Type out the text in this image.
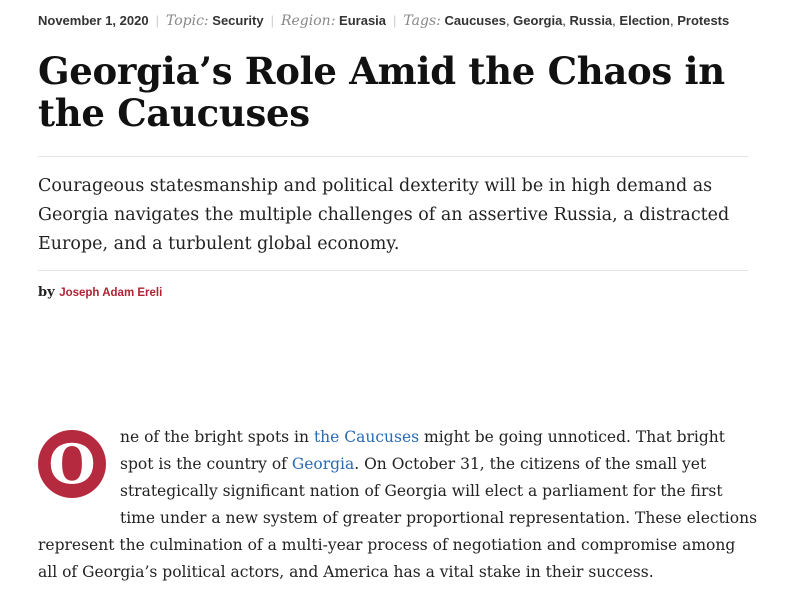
November 1, 2020 | Topic: Security | Region: Eurasia | Tags: Caucuses, Georgia, Russia, Election, Protests
Georgia’s Role Amid the Chaos in the Caucuses

Courageous statesmanship and political dexterity will be in high demand as Georgia navigates the multiple challenges of an assertive Russia, a distracted Europe, and a turbulent global economy.

by Joseph Adam Ereli
O	ne of the bright spots in the Caucuses might be going unnoticed. That bright spot is the country of Georgia. On October 31, the citizens of the small yet strategically significant nation of Georgia will elect a parliament for the first time under a new system of greater proportional representation. These elections represent the culmination of a multi-year process of negotiation and compromise among all of Georgia’s political actors, and America has a vital stake in their success.
